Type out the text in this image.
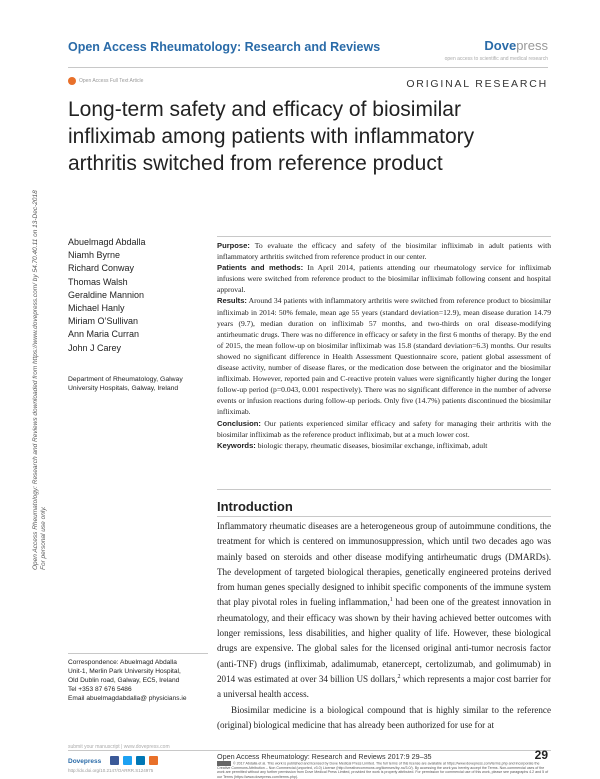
Open Access Rheumatology: Research and Reviews	Dovepress
open access to scientific and medical research
Open Access Full Text Article	ORIGINAL RESEARCH
Open Access Rheumatology: Research and Reviews downloaded from https://www.dovepress.com/ by 54.70.40.11 on 13-Dec-2018 For personal use only.
Long-term safety and efficacy of biosimilar infliximab among patients with inflammatory arthritis switched from reference product
Abuelmagd Abdalla
Niamh Byrne
Richard Conway
Thomas Walsh
Geraldine Mannion
Michael Hanly
Miriam O’Sullivan
Ann Maria Curran
John J Carey
Department of Rheumatology, Galway University Hospitals, Galway, Ireland

Purpose: To evaluate the efficacy and safety of the biosimilar infliximab in adult patients with inflammatory arthritis switched from reference product in our center.

Patients and methods: In April 2014, patients attending our rheumatology service for infliximab infusions were switched from reference product to the biosimilar infliximab following consent and hospital approval.

Results: Around 34 patients with inflammatory arthritis were switched from reference product to biosimilar infliximab in 2014: 50% female, mean age 55 years (standard deviation=12.9), mean disease duration 14.79 years (9.7), median duration on infliximab 57 months, and two-thirds on oral disease-modifying antirheumatic drugs. There was no difference in efficacy or safety in the first 6 months of therapy. By the end of 2015, the mean follow-up on biosimilar infliximab was 15.8 (standard deviation=6.3) months. Our results showed no significant difference in Health Assessment Questionnaire score, patient global assessment of disease activity, number of disease flares, or the medication dose between the originator and the biosimilar infliximab. However, reported pain and C-reactive protein values were significantly higher during the longer follow-up period (p=0.043, 0.001 respectively). There was no significant difference in the number of adverse events or infusion reactions during follow-up periods. Only five (14.7%) patients discontinued the biosimilar infliximab.

Conclusion: Our patients experienced similar efficacy and safety for managing their arthritis with the biosimilar infliximab as the reference product infliximab, but at a much lower cost.

Keywords: biologic therapy, rheumatic diseases, biosimilar exchange, infliximab, adult

Introduction

Inflammatory rheumatic diseases are a heterogeneous group of autoimmune conditions, the treatment for which is centered on immunosuppression, which until two decades ago was mainly based on steroids and other disease modifying antirheumatic drugs (DMARDs). The development of targeted biological therapies, genetically engineered proteins derived from human genes specially designed to inhibit specific components of the immune system that play pivotal roles in fueling inflammation,$^1$ had been one of the greatest innovation in rheumatology, and their efficacy was shown by their having achieved better outcomes with longer remissions, less disabilities, and higher quality of life. However, these biological drugs are expensive. The global sales for the licensed original anti-tumor necrosis factor (anti-TNF) drugs (infliximab, adalimumab, etanercept, certolizumab, and golimumab) in 2014 was estimated at over 34 billion US dollars,$^2$ which represents a major cost barrier for a universal health access.

Biosimilar medicine is a biological compound that is highly similar to the reference (original) biological medicine that has already been authorized for use for at

Correspondence: Abuelmagd Abdalla
Unit-1, Merlin Park University Hospital,
Old Dublin road, Galway, EC5, Ireland
Tel +353 87 676 5486
Email abuelmagdabdalla@ physicians.ie
submit your manuscript | www.dovepress.com
Open Access Rheumatology: Research and Reviews 2017:9 29–35	29
Dovepress
http://dx.doi.org/10.2147/OARRR.S124975
© 2017 Abdalla et al. This work is published and licensed by Dove Medical Press Limited. The full terms of this license are available at https://www.dovepress.com/terms.php and incorporate the Creative Commons Attribution – Non Commercial (unported, v3.0) License (http://creativecommons.org/licenses/by-nc/3.0/). By accessing the work you hereby accept the Terms. Non-commercial uses of the work are permitted without any further permission from Dove Medical Press Limited, provided the work is properly attributed. For permission for commercial use of this work, please see paragraphs 4.2 and 5 of our Terms (https://www.dovepress.com/terms.php).
